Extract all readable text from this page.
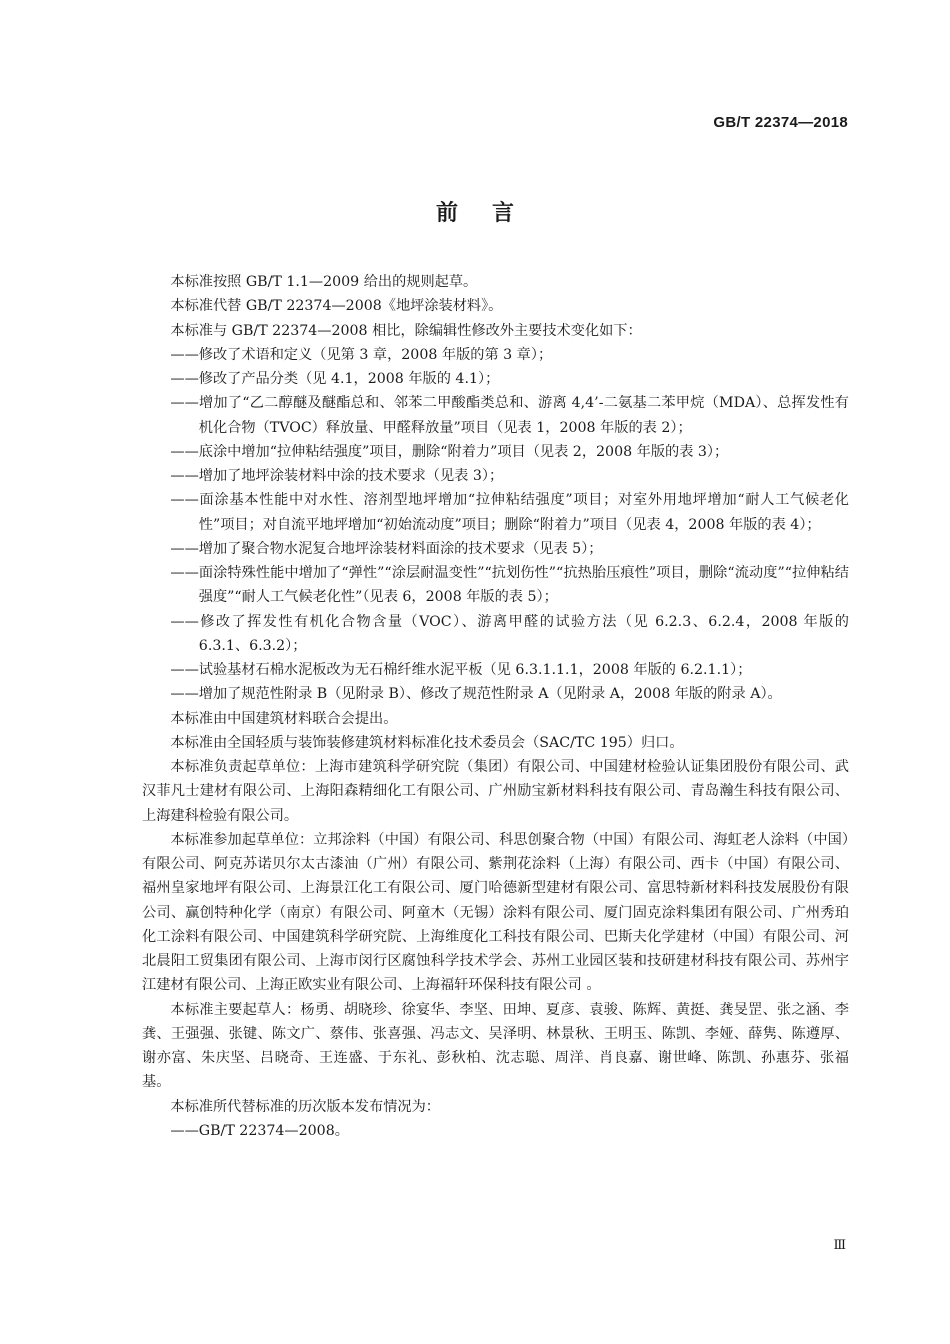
GB/T 22374—2018
前言

本标准按照 GB/T 1.1—2009 给出的规则起草。

本标准代替 GB/T 22374—2008《地坪涂装材料》。

本标准与 GB/T 22374—2008 相比，除编辑性修改外主要技术变化如下：

——修改了术语和定义（见第 3 章，2008 年版的第 3 章）；

——修改了产品分类（见 4.1，2008 年版的 4.1）；

——增加了“乙二醇醚及醚酯总和、邻苯二甲酸酯类总和、游离 4,4’-二氨基二苯甲烷（MDA）、总挥发性有机化合物（TVOC）释放量、甲醛释放量”项目（见表 1，2008 年版的表 2）；

——底涂中增加“拉伸粘结强度”项目，删除“附着力”项目（见表 2，2008 年版的表 3）；

——增加了地坪涂装材料中涂的技术要求（见表 3）；

——面涂基本性能中对水性、溶剂型地坪增加“拉伸粘结强度”项目；对室外用地坪增加“耐人工气候老化性”项目；对自流平地坪增加“初始流动度”项目；删除“附着力”项目（见表 4，2008 年版的表 4）；

——增加了聚合物水泥复合地坪涂装材料面涂的技术要求（见表 5）；

——面涂特殊性能中增加了“弹性”“涂层耐温变性”“抗划伤性”“抗热胎压痕性”项目，删除“流动度”“拉伸粘结强度”“耐人工气候老化性”（见表 6，2008 年版的表 5）；

——修改了挥发性有机化合物含量（VOC）、游离甲醛的试验方法（见 6.2.3、6.2.4，2008 年版的 6.3.1、6.3.2）；

——试验基材石棉水泥板改为无石棉纤维水泥平板（见 6.3.1.1.1，2008 年版的 6.2.1.1）；

——增加了规范性附录 B（见附录 B）、修改了规范性附录 A（见附录 A，2008 年版的附录 A）。

本标准由中国建筑材料联合会提出。

本标准由全国轻质与装饰装修建筑材料标准化技术委员会（SAC/TC 195）归口。

本标准负责起草单位：上海市建筑科学研究院（集团）有限公司、中国建材检验认证集团股份有限公司、武汉菲凡士建材有限公司、上海阳森精细化工有限公司、广州励宝新材料科技有限公司、青岛瀚生科技有限公司、上海建科检验有限公司。

本标准参加起草单位：立邦涂料（中国）有限公司、科思创聚合物（中国）有限公司、海虹老人涂料（中国）有限公司、阿克苏诺贝尔太古漆油（广州）有限公司、紫荆花涂料（上海）有限公司、西卡（中国）有限公司、福州皇家地坪有限公司、上海景江化工有限公司、厦门哈德新型建材有限公司、富思特新材料科技发展股份有限公司、赢创特种化学（南京）有限公司、阿童木（无锡）涂料有限公司、厦门固克涂料集团有限公司、广州秀珀化工涂料有限公司、中国建筑科学研究院、上海维度化工科技有限公司、巴斯夫化学建材（中国）有限公司、河北晨阳工贸集团有限公司、上海市闵行区腐蚀科学技术学会、苏州工业园区装和技研建材科技有限公司、苏州宇江建材有限公司、上海正欧实业有限公司、上海福轩环保科技有限公司 。

本标准主要起草人：杨勇、胡晓珍、徐宴华、李坚、田坤、夏彦、袁骏、陈辉、黄挺、龚旻罡、张之涵、李龚、王强强、张键、陈文广、蔡伟、张喜强、冯志文、吴泽明、林景秋、王明玉、陈凯、李娅、薛隽、陈遵厚、谢亦富、朱庆坚、吕晓奇、王连盛、于东礼、彭秋柏、沈志聪、周洋、肖良嘉、谢世峰、陈凯、孙惠芬、张福基。

本标准所代替标准的历次版本发布情况为：

——GB/T 22374—2008。

Ⅲ
